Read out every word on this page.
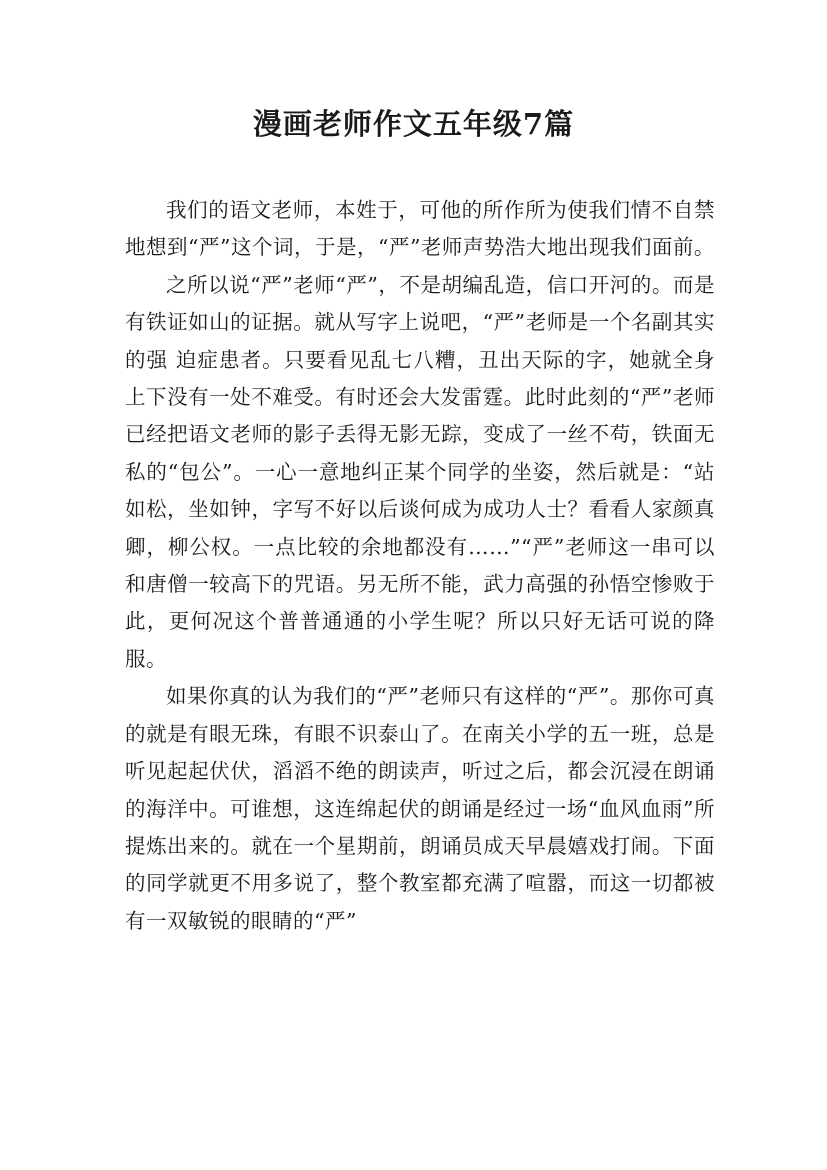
漫画老师作文五年级7篇

我们的语文老师，本姓于，可他的所作所为使我们情不自禁地想到“严”这个词，于是，“严”老师声势浩大地出现我们面前。

之所以说“严”老师“严”，不是胡编乱造，信口开河的。而是有铁证如山的证据。就从写字上说吧，“严”老师是一个名副其实的强 迫症患者。只要看见乱七八糟，丑出天际的字，她就全身上下没有一处不难受。有时还会大发雷霆。此时此刻的“严”老师已经把语文老师的影子丢得无影无踪，变成了一丝不苟，铁面无私的“包公”。一心一意地纠正某个同学的坐姿，然后就是：“站如松，坐如钟，字写不好以后谈何成为成功人士？看看人家颜真卿，柳公权。一点比较的余地都没有……”“严”老师这一串可以和唐僧一较高下的咒语。另无所不能，武力高强的孙悟空惨败于此，更何况这个普普通通的小学生呢？所以只好无话可说的降服。

如果你真的认为我们的“严”老师只有这样的“严”。那你可真的就是有眼无珠，有眼不识泰山了。在南关小学的五一班，总是听见起起伏伏，滔滔不绝的朗读声，听过之后，都会沉浸在朗诵的海洋中。可谁想，这连绵起伏的朗诵是经过一场“血风血雨”所提炼出来的。就在一个星期前，朗诵员成天早晨嬉戏打闹。下面的同学就更不用多说了，整个教室都充满了喧嚣，而这一切都被有一双敏锐的眼睛的“严”
